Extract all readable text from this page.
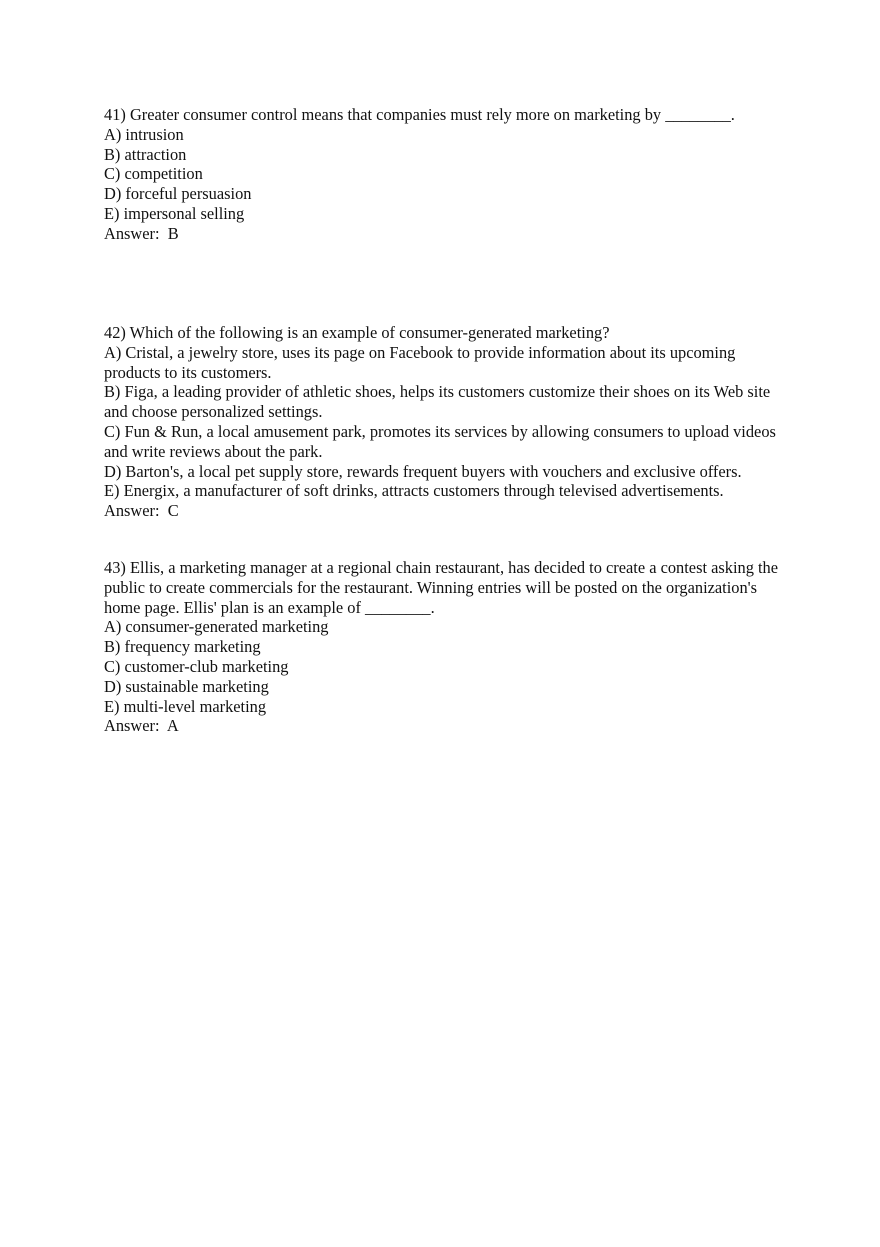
41) Greater consumer control means that companies must rely more on marketing by ________.
A) intrusion
B) attraction
C) competition
D) forceful persuasion
E) impersonal selling
Answer:  B
42) Which of the following is an example of consumer-generated marketing?
A) Cristal, a jewelry store, uses its page on Facebook to provide information about its upcoming products to its customers.
B) Figa, a leading provider of athletic shoes, helps its customers customize their shoes on its Web site and choose personalized settings.
C) Fun & Run, a local amusement park, promotes its services by allowing consumers to upload videos and write reviews about the park.
D) Barton's, a local pet supply store, rewards frequent buyers with vouchers and exclusive offers.
E) Energix, a manufacturer of soft drinks, attracts customers through televised advertisements.
Answer:  C
43) Ellis, a marketing manager at a regional chain restaurant, has decided to create a contest asking the public to create commercials for the restaurant. Winning entries will be posted on the organization's home page. Ellis' plan is an example of ________.
A) consumer-generated marketing
B) frequency marketing
C) customer-club marketing
D) sustainable marketing
E) multi-level marketing
Answer:  A
